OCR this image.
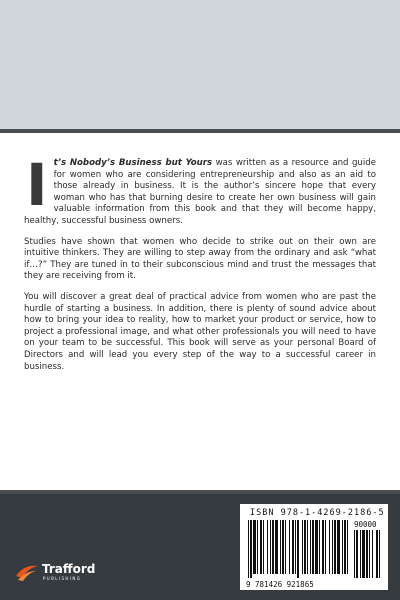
It’s Nobody’s Business but Yours was written as a resource and guide for women who are considering entrepreneurship and also as an aid to those already in business. It is the author’s sincere hope that every woman who has that burning desire to create her own business will gain valuable information from this book and that they will become happy, healthy, successful business owners.

Studies have shown that women who decide to strike out on their own are intuitive thinkers. They are willing to step away from the ordinary and ask “what if…?” They are tuned in to their subconscious mind and trust the messages that they are receiving from it.

You will discover a great deal of practical advice from women who are past the hurdle of starting a business. In addition, there is plenty of sound advice about how to bring your idea to reality, how to market your product or service, how to project a professional image, and what other professionals you will need to have on your team to be successful. This book will serve as your personal Board of Directors and will lead you every step of the way to a successful career in business.

Trafford
PUBLISHING
ISBN 978-1-4269-2186-5
90000
9 781426 921865
